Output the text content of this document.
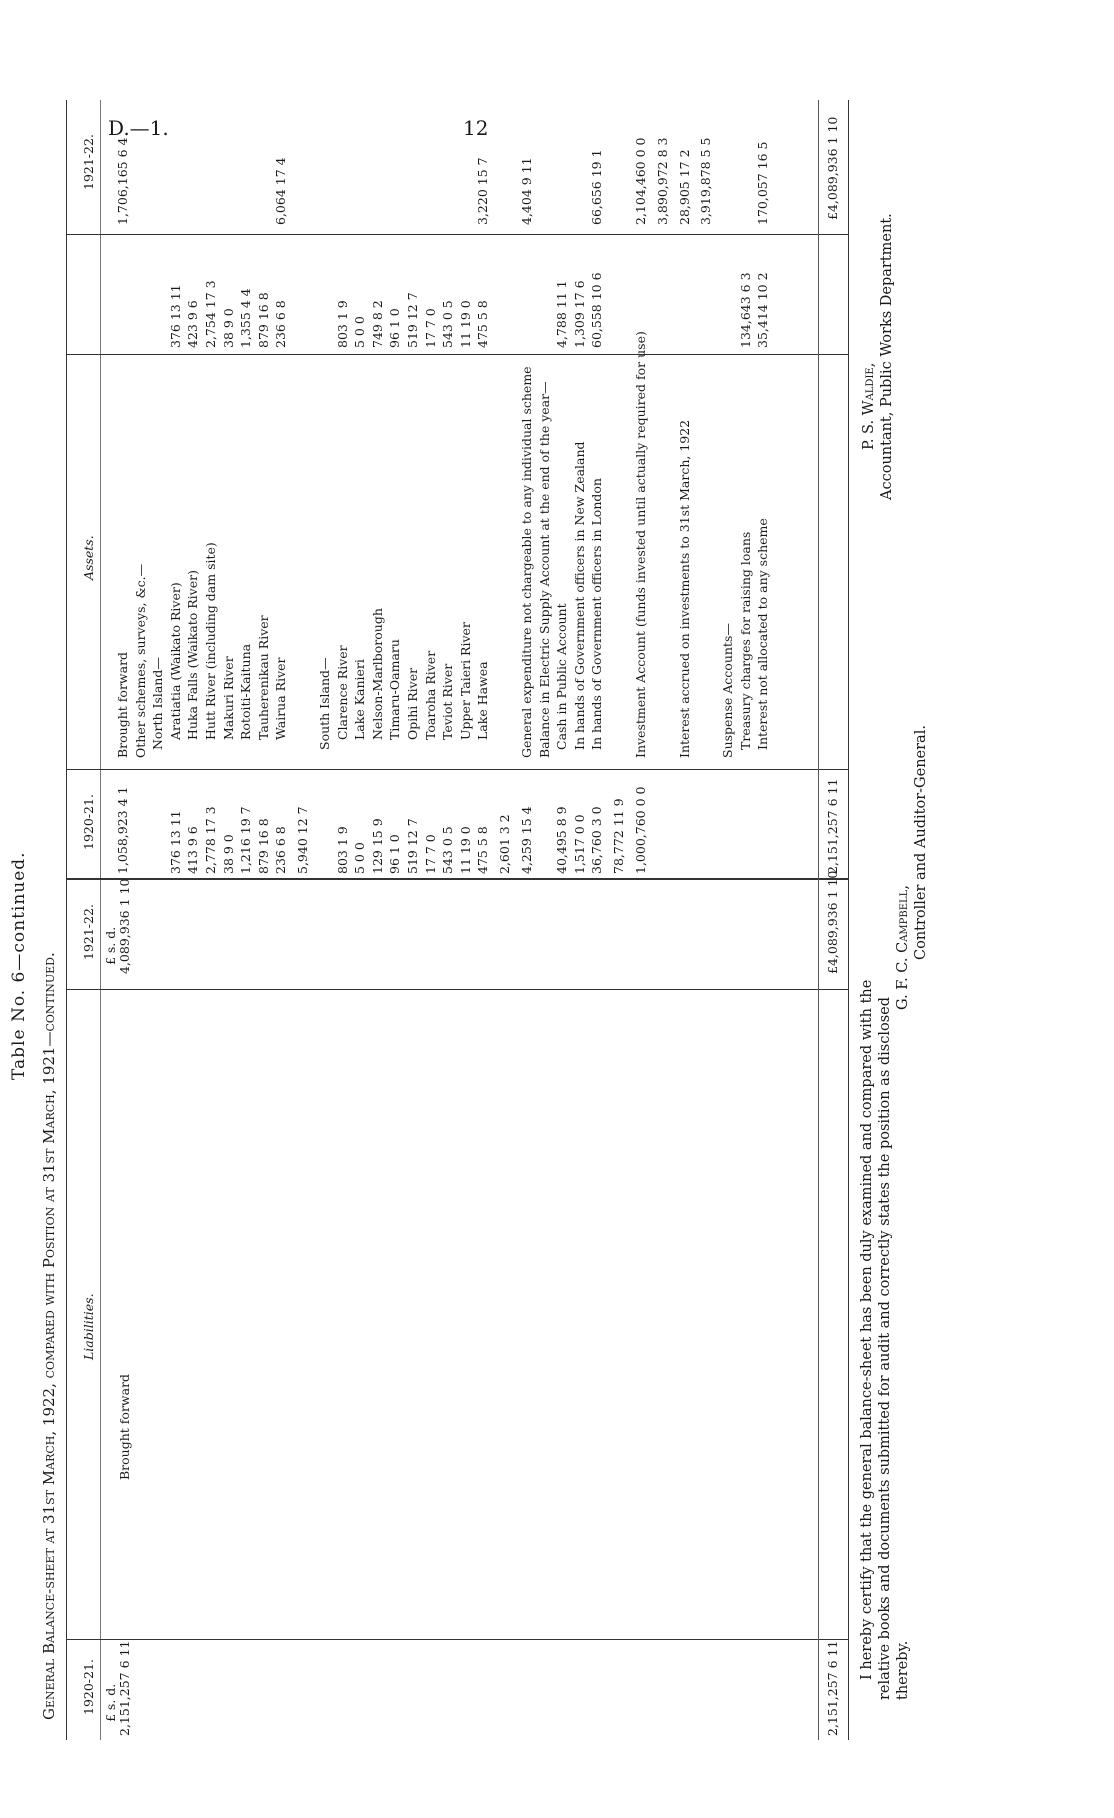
D.—1.	12
Table No. 6—continued. General Balance-sheet at 31st March, 1922, compared with Position at 31st March, 1921—continued. 1920-21.
Liabilities.
1921-22.
£ s. d.
£ s. d.
2,151,257 6 11
Brought forward
4,089,936 1 10
2,151,257 6 11
£4,089,936 1 10
1920-21.
Assets.
1921-22.
1,058,923 4 1
Brought forward
1,706,165 6 4
Other schemes, surveys, &c.— North Island—
376 13 11
Aratiatia (Waikato River)
376 13 11
413 9 6
Huka Falls (Waikato River)
423 9 6
2,778 17 3
Hutt River (including dam site)
2,754 17 3
38 9 0
Makuri River
38 9 0
1,216 19 7
Rotoiti-Kaituna
1,355 4 4
879 16 8
Tauherenikau River
879 16 8
236 6 8
Wairua River
236 6 8
6,064 17 4
5,940 12 7
South Island—
803 1 9
Clarence River
803 1 9
5 0 0
Lake Kanieri
5 0 0
129 15 9
Nelson-Marlborough
749 8 2
96 1 0
Timaru-Oamaru
96 1 0
519 12 7
Opihi River
519 12 7
17 7 0
Toaroha River
17 7 0
543 0 5
Teviot River
543 0 5
11 19 0
Upper Taieri River
11 19 0
475 5 8
Lake Hawea
475 5 8
3,220 15 7
2,601 3 2 4,259 15 4
General expenditure not chargeable to any individual scheme
4,404 9 11
Balance in Electric Supply Account at the end of the year—
40,495 8 9
Cash in Public Account
4,788 11 1
1,517 0 0
In hands of Government officers in New Zealand
1,309 17 6
36,760 3 0
In hands of Government officers in London
60,558 10 6
66,656 19 1
78,772 11 9 1,000,760 0 0
Investment Account (funds invested until actually required for use)
2,104,460 0 0 3,890,972 8 3
Interest accrued on investments to 31st March, 1922
28,905 17 2 3,919,878 5 5
Suspense Accounts— Treasury charges for raising loans
134,643 6 3
Interest not allocated to any scheme
35,414 10 2
170,057 16 5
2,151,257 6 11
£4,089,936 1 10
I hereby certify that the general balance-sheet has been duly examined and compared with the relative books and documents submitted for audit and correctly states the position as disclosed thereby.
G. F. C. Campbell, Controller and Auditor-General.
P. S. Waldie, Accountant, Public Works Department.
